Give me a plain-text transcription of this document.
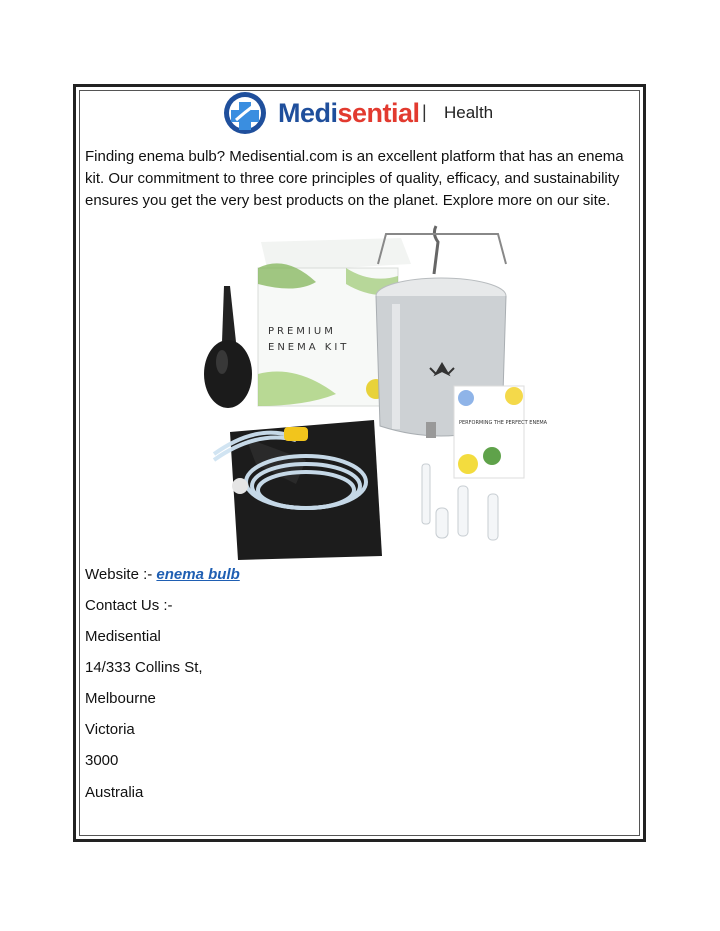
Medisential | Health

Finding enema bulb? Medisential.com is an excellent platform that has an enema kit. Our commitment to three core principles of quality, efficacy, and sustainability ensures you get the very best products on the planet. Explore more on our site.

PREMIUM
ENEMA KIT
PERFORMING THE PERFECT ENEMA
Website :- enema bulb
Contact Us :-
Medisential
14/333 Collins St,
Melbourne
Victoria
3000
Australia
